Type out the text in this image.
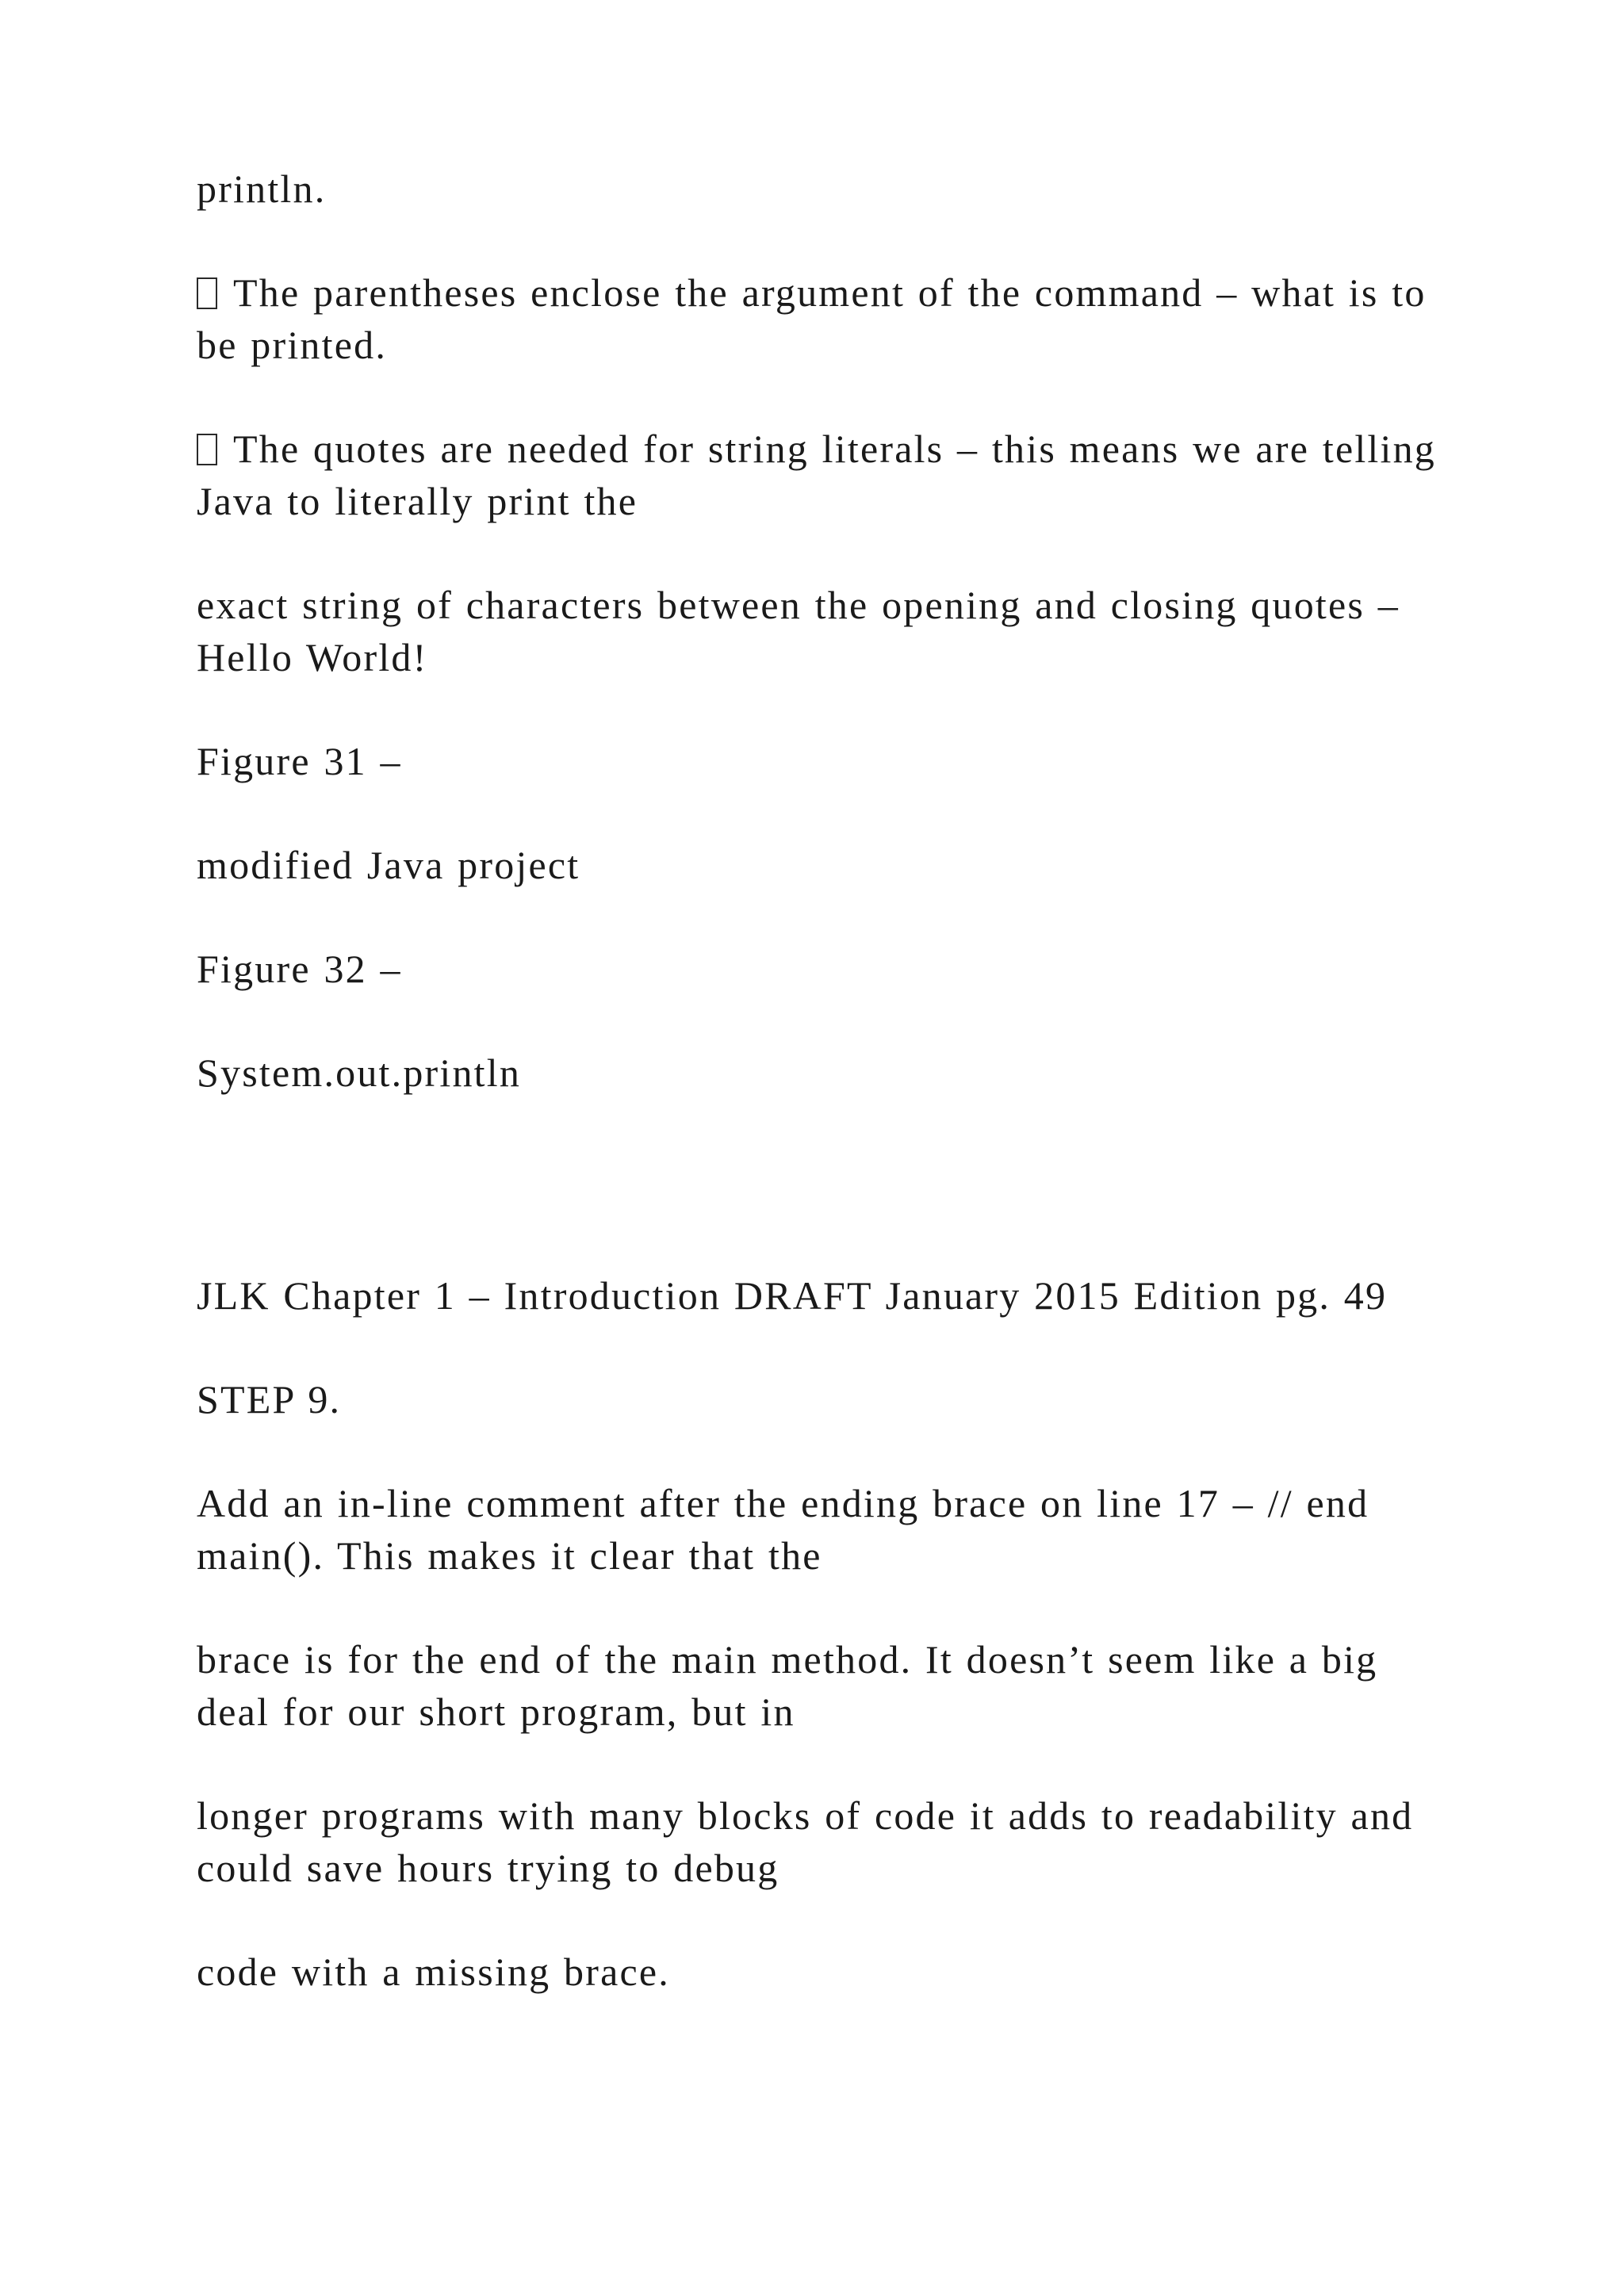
println.

The parentheses enclose the argument of the command – what is to be printed.

The quotes are needed for string literals – this means we are telling Java to literally print the

exact string of characters between the opening and closing quotes – Hello World!

Figure 31 –

modified Java project

Figure 32 –

System.out.println

JLK Chapter 1 – Introduction DRAFT January 2015 Edition pg. 49

STEP 9.

Add an in-line comment after the ending brace on line 17 – // end main(). This makes it clear that the

brace is for the end of the main method. It doesn’t seem like a big deal for our short program, but in

longer programs with many blocks of code it adds to readability and could save hours trying to debug

code with a missing brace.
